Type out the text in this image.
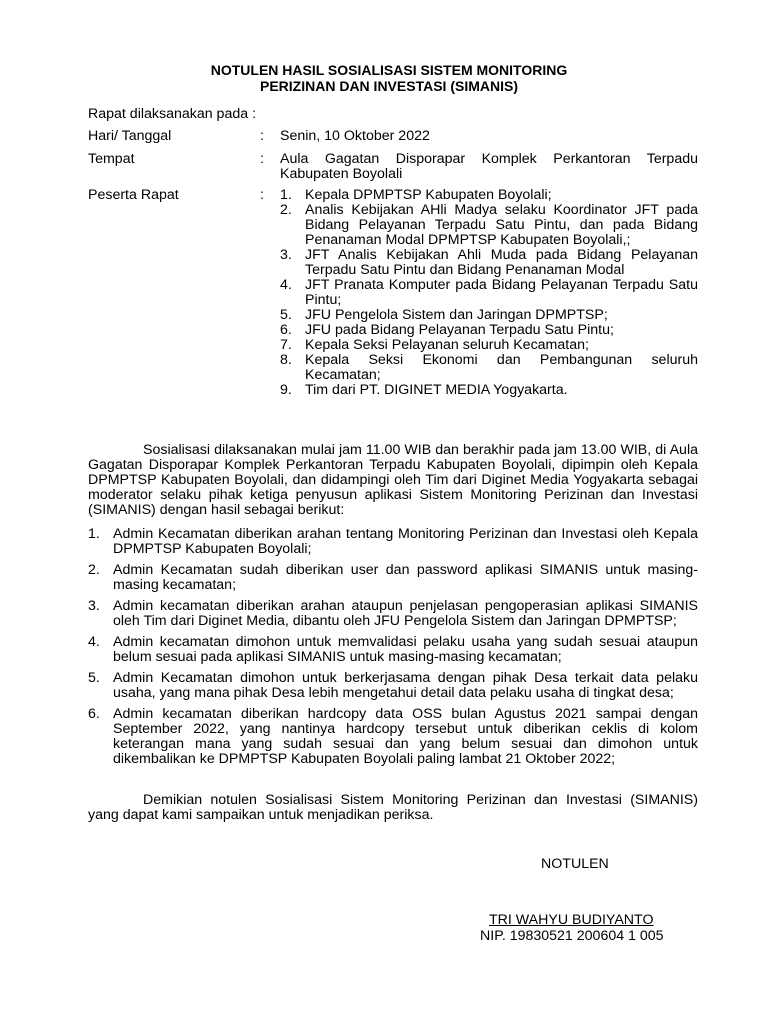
NOTULEN HASIL SOSIALISASI SISTEM MONITORING
PERIZINAN DAN INVESTASI (SIMANIS)
Rapat dilaksanakan pada :
Hari/ Tanggal	: Senin, 10 Oktober 2022
Tempat	: Aula Gagatan Disporapar Komplek Perkantoran Terpadu Kabupaten Boyolali
Peserta Rapat	: 1. Kepala DPMPTSP Kabupaten Boyolali;
2. Analis Kebijakan AHli Madya selaku Koordinator JFT pada Bidang Pelayanan Terpadu Satu Pintu, dan pada Bidang Penanaman Modal DPMPTSP Kabupaten Boyolali,;
3. JFT Analis Kebijakan Ahli Muda pada Bidang Pelayanan Terpadu Satu Pintu dan Bidang Penanaman Modal
4. JFT Pranata Komputer pada Bidang Pelayanan Terpadu Satu Pintu;
5. JFU Pengelola Sistem dan Jaringan DPMPTSP;
6. JFU pada Bidang Pelayanan Terpadu Satu Pintu;
7. Kepala Seksi Pelayanan seluruh Kecamatan;
8. Kepala Seksi Ekonomi dan Pembangunan seluruh Kecamatan;
9. Tim dari PT. DIGINET MEDIA Yogyakarta.
Sosialisasi dilaksanakan mulai jam 11.00 WIB dan berakhir pada jam 13.00 WIB, di Aula Gagatan Disporapar Komplek Perkantoran Terpadu Kabupaten Boyolali, dipimpin oleh Kepala DPMPTSP Kabupaten Boyolali, dan didampingi oleh Tim dari Diginet Media Yogyakarta sebagai moderator selaku pihak ketiga penyusun aplikasi Sistem Monitoring Perizinan dan Investasi (SIMANIS) dengan hasil sebagai berikut:
1. Admin Kecamatan diberikan arahan tentang Monitoring Perizinan dan Investasi oleh Kepala DPMPTSP Kabupaten Boyolali;
2. Admin Kecamatan sudah diberikan user dan password aplikasi SIMANIS untuk masing-masing kecamatan;
3. Admin kecamatan diberikan arahan ataupun penjelasan pengoperasian aplikasi SIMANIS oleh Tim dari Diginet Media, dibantu oleh JFU Pengelola Sistem dan Jaringan DPMPTSP;
4. Admin kecamatan dimohon untuk memvalidasi pelaku usaha yang sudah sesuai ataupun belum sesuai pada aplikasi SIMANIS untuk masing-masing kecamatan;
5. Admin Kecamatan dimohon untuk berkerjasama dengan pihak Desa terkait data pelaku usaha, yang mana pihak Desa lebih mengetahui detail data pelaku usaha di tingkat desa;
6. Admin kecamatan diberikan hardcopy data OSS bulan Agustus 2021 sampai dengan September 2022, yang nantinya hardcopy tersebut untuk diberikan ceklis di kolom keterangan mana yang sudah sesuai dan yang belum sesuai dan dimohon untuk dikembalikan ke DPMPTSP Kabupaten Boyolali paling lambat 21 Oktober 2022;
Demikian notulen Sosialisasi Sistem Monitoring Perizinan dan Investasi (SIMANIS) yang dapat kami sampaikan untuk menjadikan periksa.
NOTULEN
TRI WAHYU BUDIYANTO
NIP. 19830521 200604 1 005
